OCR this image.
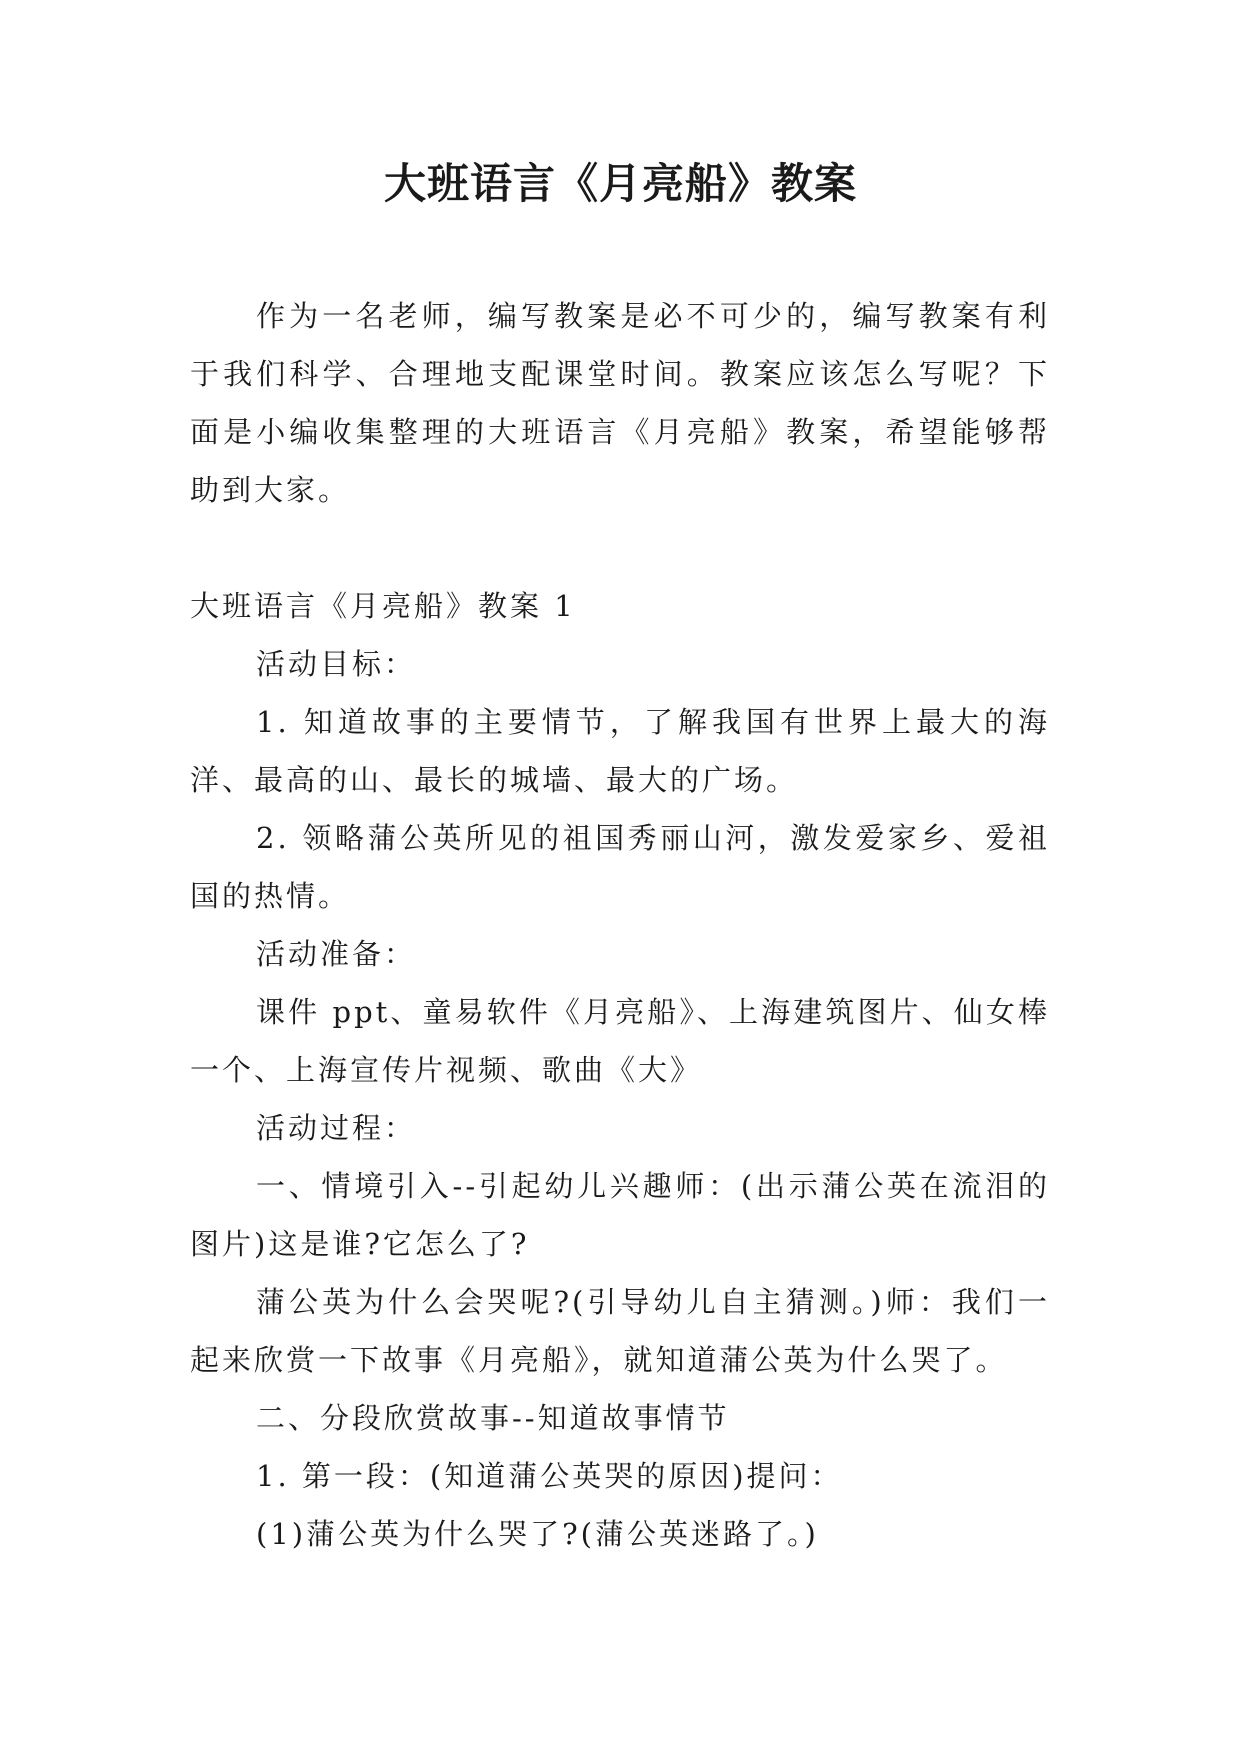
大班语言《月亮船》教案

作为一名老师，编写教案是必不可少的，编写教案有利于我们科学、合理地支配课堂时间。教案应该怎么写呢？下面是小编收集整理的大班语言《月亮船》教案，希望能够帮助到大家。

大班语言《月亮船》教案 1

活动目标：

1. 知道故事的主要情节，了解我国有世界上最大的海洋、最高的山、最长的城墙、最大的广场。

2. 领略蒲公英所见的祖国秀丽山河，激发爱家乡、爱祖国的热情。

活动准备：

课件 ppt、童易软件《月亮船》、上海建筑图片、仙女棒一个、上海宣传片视频、歌曲《大》

活动过程：

一、情境引入--引起幼儿兴趣师：(出示蒲公英在流泪的图片)这是谁?它怎么了?

蒲公英为什么会哭呢?(引导幼儿自主猜测。)师：我们一起来欣赏一下故事《月亮船》，就知道蒲公英为什么哭了。

二、分段欣赏故事--知道故事情节

1. 第一段：(知道蒲公英哭的原因)提问：

(1)蒲公英为什么哭了?(蒲公英迷路了。)
